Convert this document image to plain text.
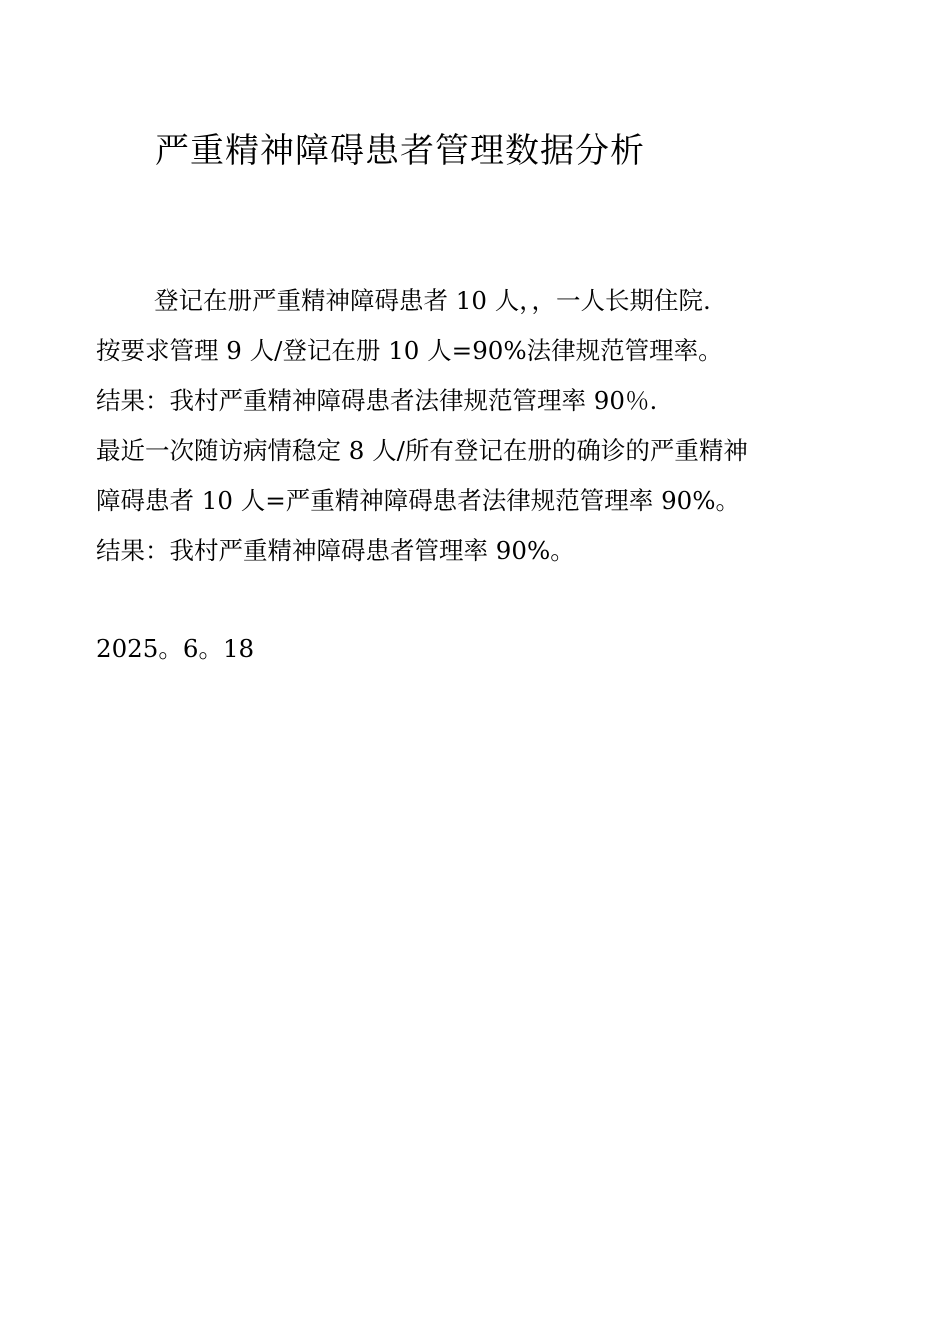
严重精神障碍患者管理数据分析
登记在册严重精神障碍患者 10 人，，一人长期住院.
按要求管理 9 人/登记在册 10 人=90%法律规范管理率。
结果：我村严重精神障碍患者法律规范管理率 90％.
最近一次随访病情稳定 8 人/所有登记在册的确诊的严重精神
障碍患者 10 人=严重精神障碍患者法律规范管理率 90%。
结果：我村严重精神障碍患者管理率 90%。
2025。6。18
